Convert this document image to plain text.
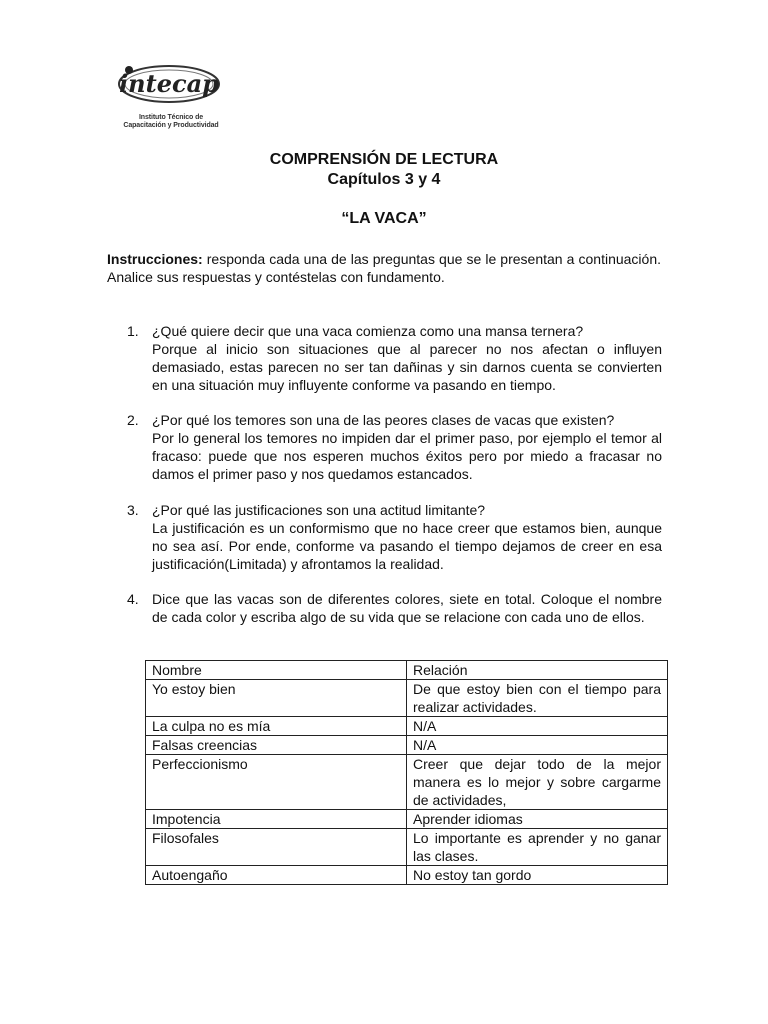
intecap
Instituto Técnico de
Capacitación y Productividad
COMPRENSIÓN DE LECTURA
Capítulos 3 y 4
“LA VACA”
Instrucciones: responda cada una de las preguntas que se le presentan a continuación. Analice sus respuestas y contéstelas con fundamento.
1. ¿Qué quiere decir que una vaca comienza como una mansa ternera?
Porque al inicio son situaciones que al parecer no nos afectan o influyen demasiado, estas parecen no ser tan dañinas y sin darnos cuenta se convierten en una situación muy influyente conforme va pasando en tiempo.
2. ¿Por qué los temores son una de las peores clases de vacas que existen?
Por lo general los temores no impiden dar el primer paso, por ejemplo el temor al fracaso: puede que nos esperen muchos éxitos pero por miedo a fracasar no damos el primer paso y nos quedamos estancados.
3. ¿Por qué las justificaciones son una actitud limitante?
La justificación es un conformismo que no hace creer que estamos bien, aunque no sea así. Por ende, conforme va pasando el tiempo dejamos de creer en esa justificación(Limitada) y afrontamos la realidad.
4. Dice que las vacas son de diferentes colores, siete en total. Coloque el nombre de cada color y escriba algo de su vida que se relacione con cada uno de ellos.
Nombre	Relación
Yo estoy bien	De que estoy bien con el tiempo para realizar actividades.
La culpa no es mía	N/A
Falsas creencias	N/A
Perfeccionismo	Creer que dejar todo de la mejor manera es lo mejor y sobre cargarme de actividades,
Impotencia	Aprender idiomas
Filosofales	Lo importante es aprender y no ganar las clases.
Autoengaño	No estoy tan gordo
